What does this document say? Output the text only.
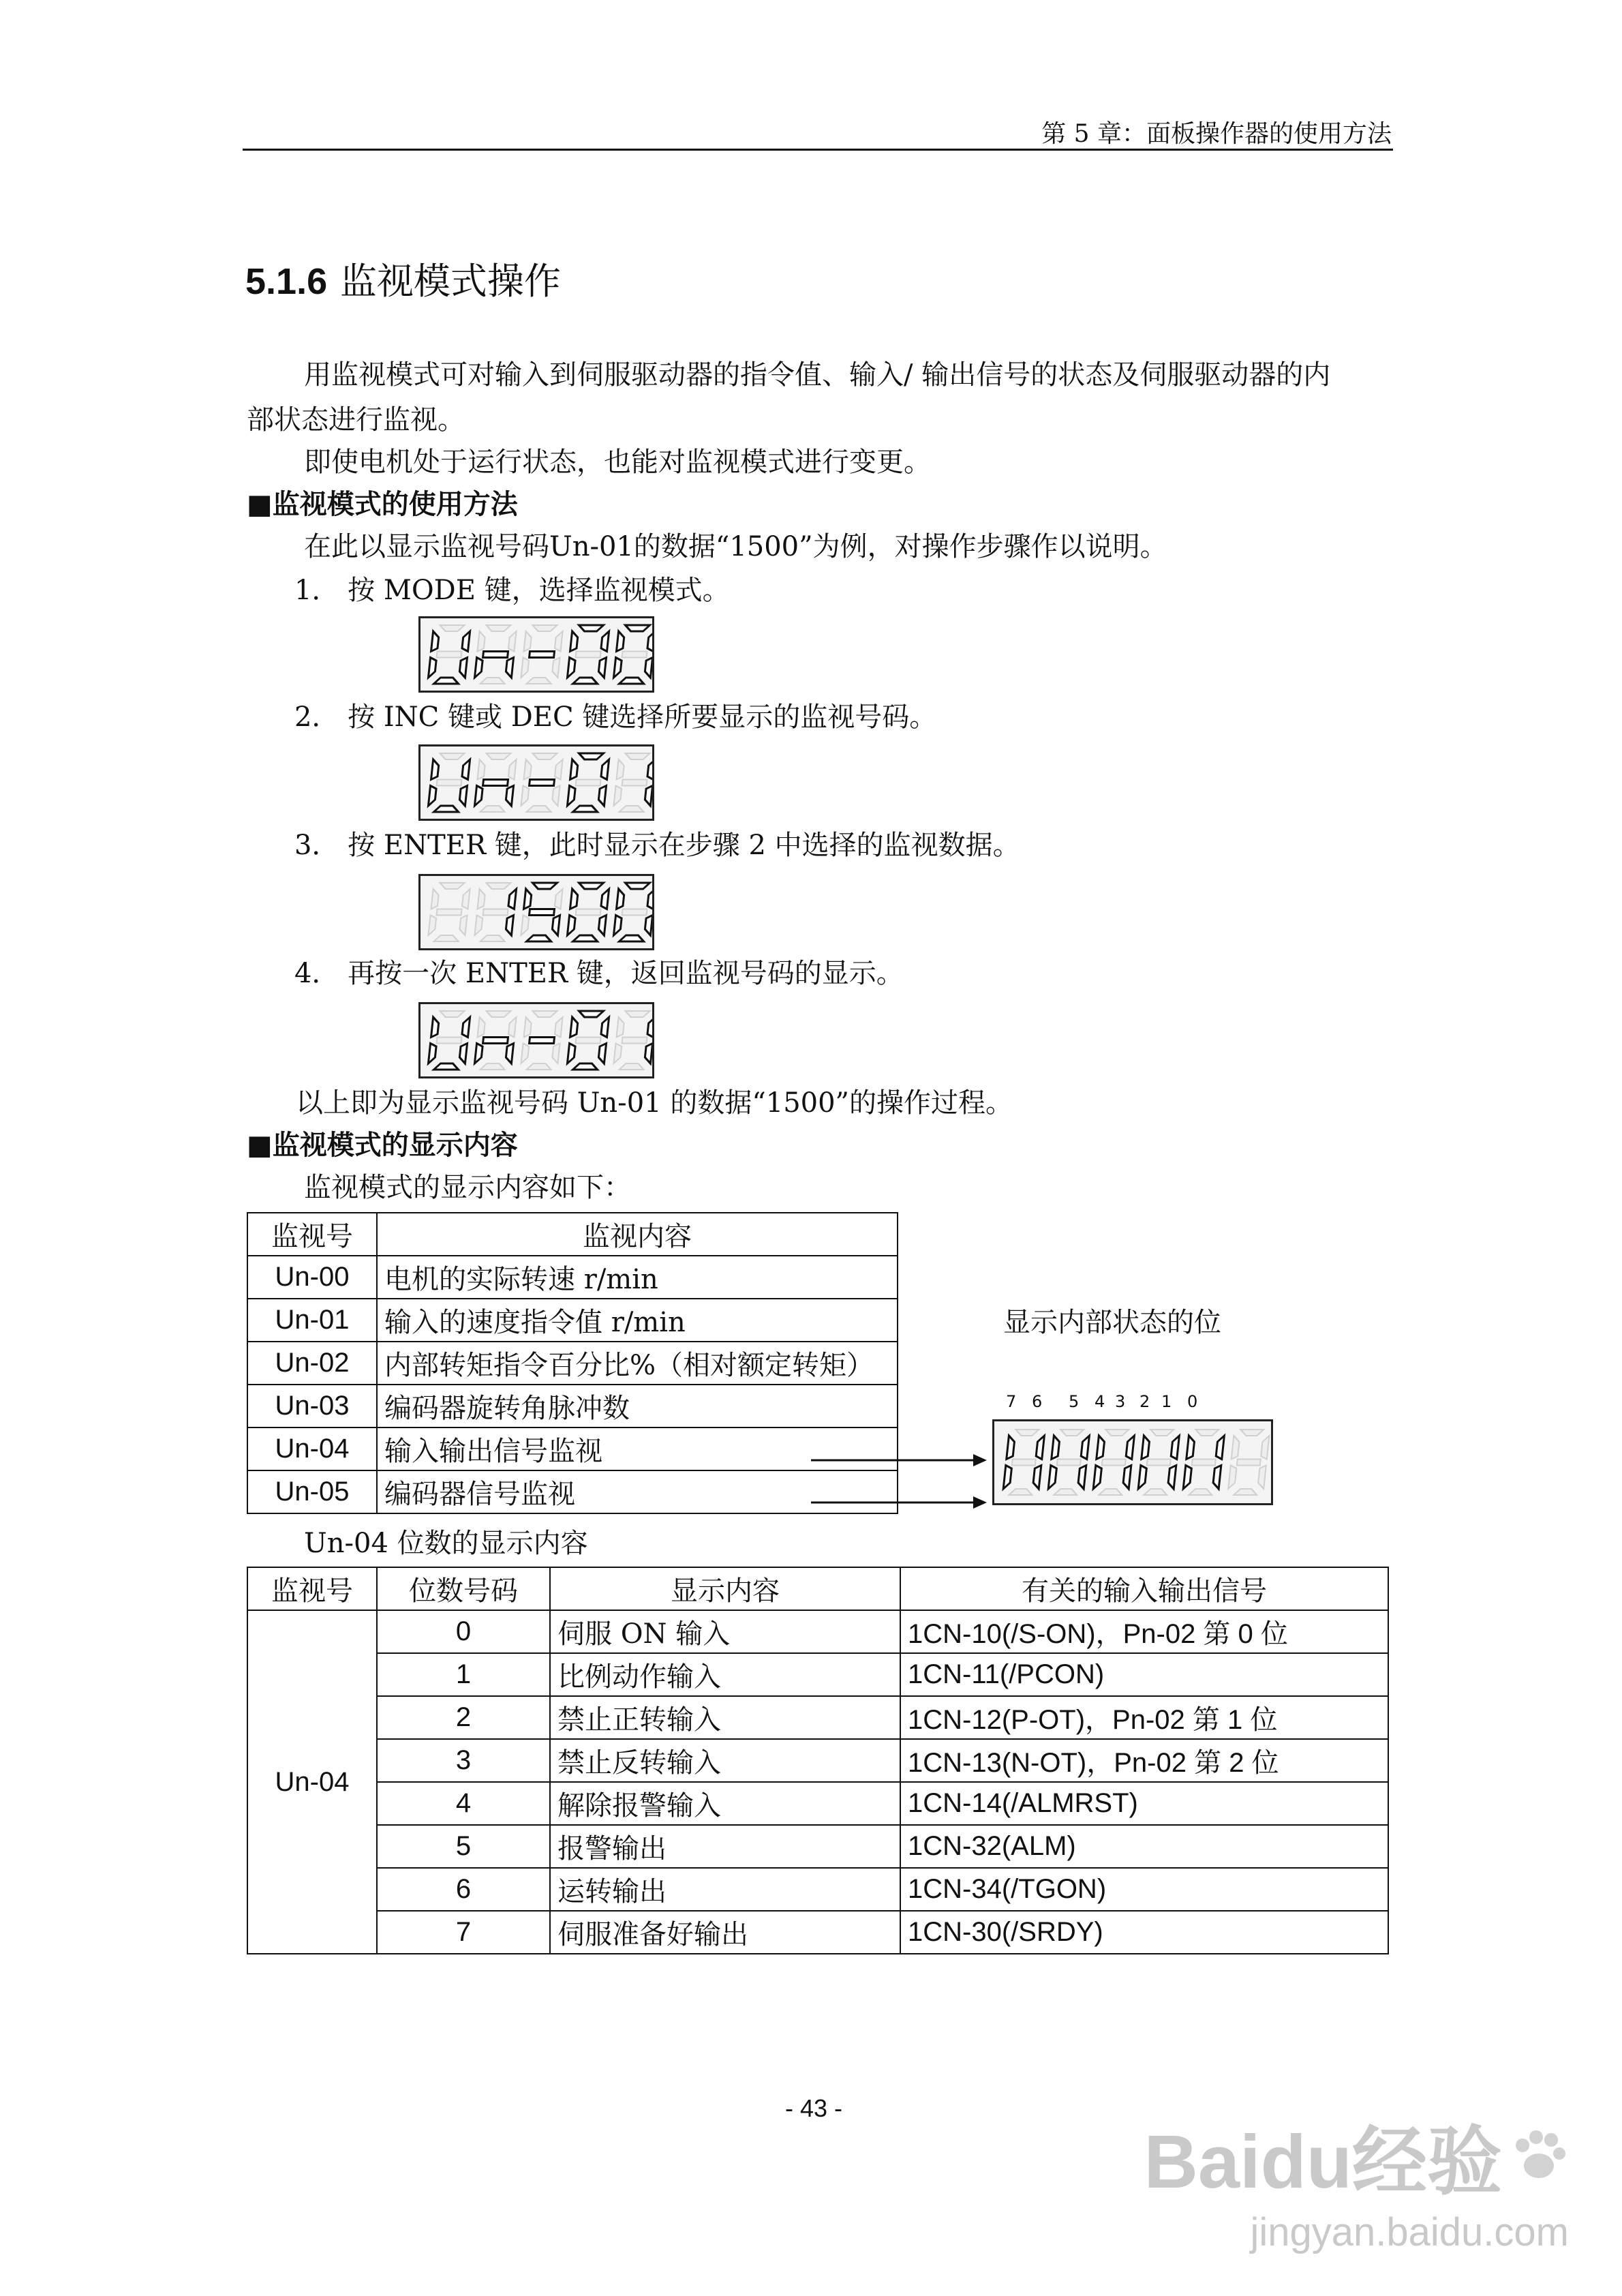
第 5 章：面板操作器的使用方法
5.1.6 监视模式操作
用监视模式可对输入到伺服驱动器的指令值、输入/ 输出信号的状态及伺服驱动器的内
部状态进行监视。
即使电机处于运行状态，也能对监视模式进行变更。
■监视模式的使用方法
在此以显示监视号码Un-01的数据“1500”为例，对操作步骤作以说明。
1． 按 MODE 键，选择监视模式。
2． 按 INC 键或 DEC 键选择所要显示的监视号码。
3． 按 ENTER 键，此时显示在步骤 2 中选择的监视数据。
4． 再按一次 ENTER 键，返回监视号码的显示。
以上即为显示监视号码 Un-01 的数据“1500”的操作过程。
■监视模式的显示内容
监视模式的显示内容如下：
监视号	监视内容
Un-00	电机的实际转速 r/min
Un-01	输入的速度指令值 r/min
Un-02	内部转矩指令百分比%（相对额定转矩）
Un-03	编码器旋转角脉冲数
Un-04	输入输出信号监视
Un-05	编码器信号监视
显示内部状态的位
7 6 5 4 3 2 1 0
Un-04 位数的显示内容
监视号	位数号码	显示内容	有关的输入输出信号
Un-04	0	伺服 ON 输入	1CN-10(/S-ON)，Pn-02 第 0 位
	1	比例动作输入	1CN-11(/PCON)
	2	禁止正转输入	1CN-12(P-OT)，Pn-02 第 1 位
	3	禁止反转输入	1CN-13(N-OT)，Pn-02 第 2 位
	4	解除报警输入	1CN-14(/ALMRST)
	5	报警输出	1CN-32(ALM)
	6	运转输出	1CN-34(/TGON)
	7	伺服准备好输出	1CN-30(/SRDY)
- 43 -
Baidu经验
jingyan.baidu.com
